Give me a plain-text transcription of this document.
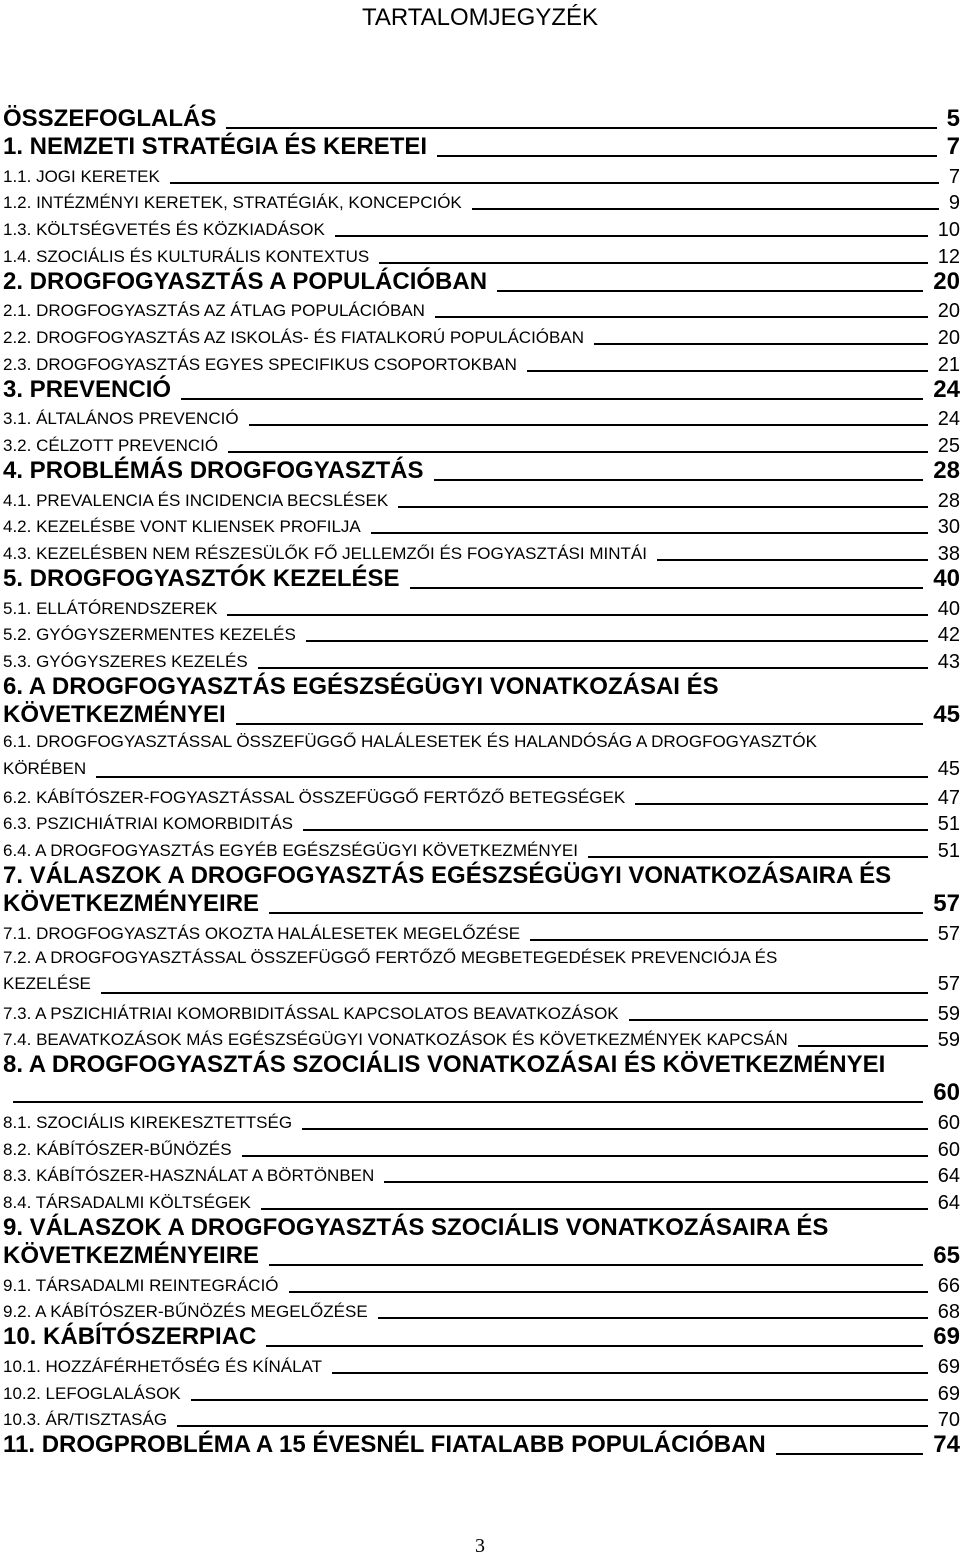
TARTALOMJEGYZÉK
ÖSSZEFOGLALÁS	5
1. NEMZETI STRATÉGIA ÉS KERETEI	7
1.1. JOGI KERETEK	7
1.2. INTÉZMÉNYI KERETEK, STRATÉGIÁK, KONCEPCIÓK	9
1.3. KÖLTSÉGVETÉS ÉS KÖZKIADÁSOK	10
1.4. SZOCIÁLIS ÉS KULTURÁLIS KONTEXTUS	12
2. DROGFOGYASZTÁS A POPULÁCIÓBAN	20
2.1. DROGFOGYASZTÁS AZ ÁTLAG POPULÁCIÓBAN	20
2.2. DROGFOGYASZTÁS AZ ISKOLÁS- ÉS FIATALKORÚ POPULÁCIÓBAN	20
2.3. DROGFOGYASZTÁS EGYES SPECIFIKUS CSOPORTOKBAN	21
3. PREVENCIÓ	24
3.1. ÁLTALÁNOS PREVENCIÓ	24
3.2. CÉLZOTT PREVENCIÓ	25
4. PROBLÉMÁS DROGFOGYASZTÁS	28
4.1. PREVALENCIA ÉS INCIDENCIA BECSLÉSEK	28
4.2. KEZELÉSBE VONT KLIENSEK PROFILJA	30
4.3. KEZELÉSBEN NEM RÉSZESÜLŐK FŐ JELLEMZŐI ÉS FOGYASZTÁSI MINTÁI	38
5. DROGFOGYASZTÓK KEZELÉSE	40
5.1. ELLÁTÓRENDSZEREK	40
5.2. GYÓGYSZERMENTES KEZELÉS	42
5.3. GYÓGYSZERES KEZELÉS	43
6. A DROGFOGYASZTÁS EGÉSZSÉGÜGYI VONATKOZÁSAI ÉS
KÖVETKEZMÉNYEI	45
6.1. DROGFOGYASZTÁSSAL ÖSSZEFÜGGŐ HALÁLESETEK ÉS HALANDÓSÁG A DROGFOGYASZTÓK
KÖRÉBEN	45
6.2. KÁBÍTÓSZER-FOGYASZTÁSSAL ÖSSZEFÜGGŐ FERTŐZŐ BETEGSÉGEK	47
6.3. PSZICHIÁTRIAI KOMORBIDITÁS	51
6.4. A DROGFOGYASZTÁS EGYÉB EGÉSZSÉGÜGYI KÖVETKEZMÉNYEI	51
7. VÁLASZOK A DROGFOGYASZTÁS EGÉSZSÉGÜGYI VONATKOZÁSAIRA ÉS
KÖVETKEZMÉNYEIRE	57
7.1. DROGFOGYASZTÁS OKOZTA HALÁLESETEK MEGELŐZÉSE	57
7.2. A DROGFOGYASZTÁSSAL ÖSSZEFÜGGŐ FERTŐZŐ MEGBETEGEDÉSEK PREVENCIÓJA ÉS
KEZELÉSE	57
7.3. A PSZICHIÁTRIAI KOMORBIDITÁSSAL KAPCSOLATOS BEAVATKOZÁSOK	59
7.4. BEAVATKOZÁSOK MÁS EGÉSZSÉGÜGYI VONATKOZÁSOK ÉS KÖVETKEZMÉNYEK KAPCSÁN	59
8. A DROGFOGYASZTÁS SZOCIÁLIS VONATKOZÁSAI ÉS KÖVETKEZMÉNYEI
60
8.1. SZOCIÁLIS KIREKESZTETTSÉG	60
8.2. KÁBÍTÓSZER-BŰNÖZÉS	60
8.3. KÁBÍTÓSZER-HASZNÁLAT A BÖRTÖNBEN	64
8.4. TÁRSADALMI KÖLTSÉGEK	64
9. VÁLASZOK A DROGFOGYASZTÁS SZOCIÁLIS VONATKOZÁSAIRA ÉS
KÖVETKEZMÉNYEIRE	65
9.1. TÁRSADALMI REINTEGRÁCIÓ	66
9.2. A KÁBÍTÓSZER-BŰNÖZÉS MEGELŐZÉSE	68
10. KÁBÍTÓSZERPIAC	69
10.1. HOZZÁFÉRHETŐSÉG ÉS KÍNÁLAT	69
10.2. LEFOGLALÁSOK	69
10.3. ÁR/TISZTASÁG	70
11. DROGPROBLÉMA A 15 ÉVESNÉL FIATALABB POPULÁCIÓBAN	74
3
